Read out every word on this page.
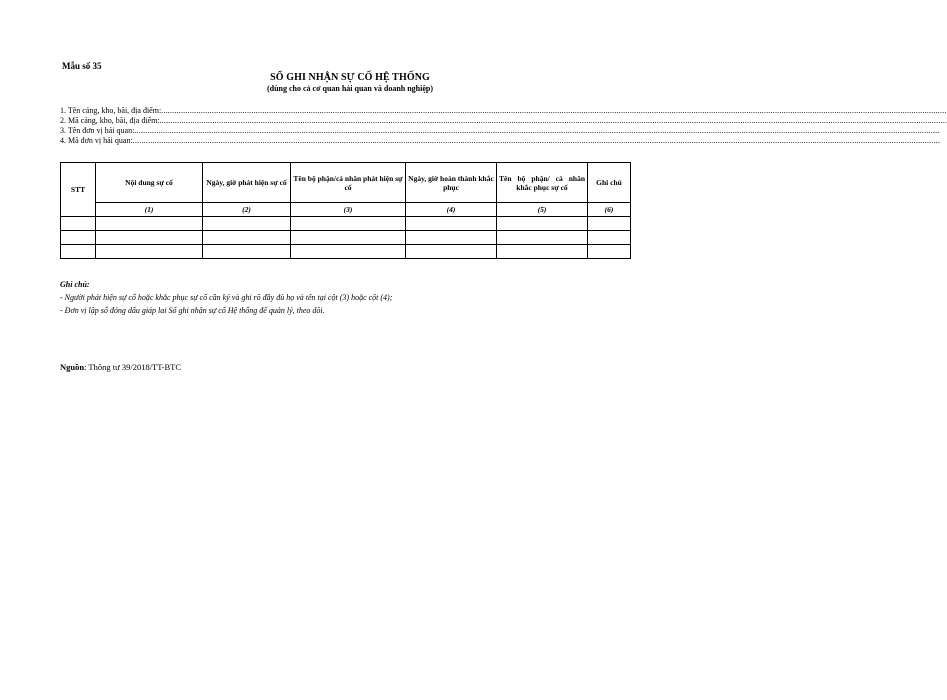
Mẫu số 35
SỔ GHI NHẬN SỰ CỐ HỆ THỐNG
(dùng cho cả cơ quan hải quan và doanh nghiệp)
1. Tên cảng, kho, bãi, địa điểm: .....................................................................................................................................................................................................................................................................................................................................................................
2. Mã cảng, kho, bãi, địa điểm: ......................................................................................................................................................................................................................................................................................................................................................................
3. Tên đơn vị hải quan: ..............................................................................................................................................................................................................................................................................................................................................................................
4. Mã đơn vị hải quan: ...............................................................................................................................................................................................................................................................................................................................................................................
STT	Nội dung sự cố	Ngày, giờ phát hiện sự cố	Tên bộ phận/cá nhân phát hiện sự cố	Ngày, giờ hoàn thành khắc phục	Tên bộ phận/ cá nhân khắc phục sự cố	Ghi chú
	(1)	(2)	(3)	(4)	(5)	(6)

Ghi chú:
- Người phát hiện sự cố hoặc khắc phục sự cố cần ký và ghi rõ đầy đủ họ và tên tại cột (3) hoặc cột (4);
- Đơn vị lập sổ đóng dấu giáp lai Sổ ghi nhận sự cố Hệ thống để quản lý, theo dõi.
Nguồn: Thông tư 39/2018/TT-BTC
